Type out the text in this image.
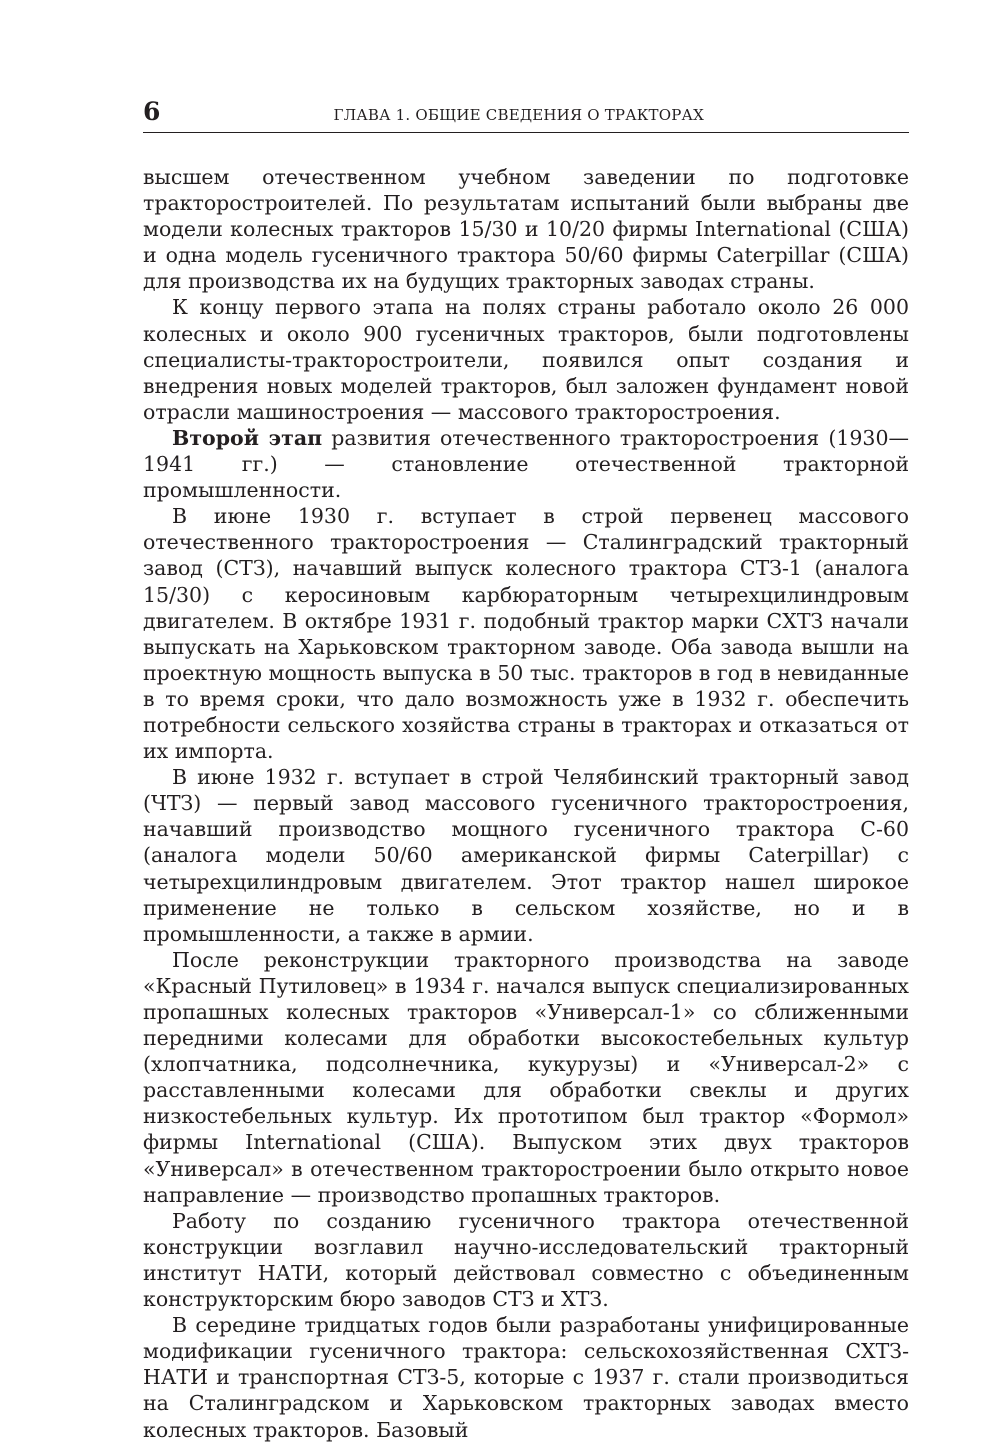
6	ГЛАВА 1. ОБЩИЕ СВЕДЕНИЯ О ТРАКТОРАХ

высшем отечественном учебном заведении по подготовке тракторостроителей. По результатам испытаний были выбраны две модели колесных тракторов 15/30 и 10/20 фирмы International (США) и одна модель гусеничного трактора 50/60 фирмы Caterpillar (США) для производства их на будущих тракторных заводах страны.

К концу первого этапа на полях страны работало около 26 000 колесных и около 900 гусеничных тракторов, были подготовлены специалисты-тракторостроители, появился опыт создания и внедрения новых моделей тракторов, был заложен фундамент новой отрасли машиностроения — массового тракторостроения.

Второй этап развития отечественного тракторостроения (1930—1941 гг.) — становление отечественной тракторной промышленности.

В июне 1930 г. вступает в строй первенец массового отечественного тракторостроения — Сталинградский тракторный завод (СТЗ), начавший выпуск колесного трактора СТЗ-1 (аналога 15/30) с керосиновым карбюраторным четырехцилиндровым двигателем. В октябре 1931 г. подобный трактор марки СХТЗ начали выпускать на Харьковском тракторном заводе. Оба завода вышли на проектную мощность выпуска в 50 тыс. тракторов в год в невиданные в то время сроки, что дало возможность уже в 1932 г. обеспечить потребности сельского хозяйства страны в тракторах и отказаться от их импорта.

В июне 1932 г. вступает в строй Челябинский тракторный завод (ЧТЗ) — первый завод массового гусеничного тракторостроения, начавший производство мощного гусеничного трактора С-60 (аналога модели 50/60 американской фирмы Caterpillar) с четырехцилиндровым двигателем. Этот трактор нашел широкое применение не только в сельском хозяйстве, но и в промышленности, а также в армии.

После реконструкции тракторного производства на заводе «Красный Путиловец» в 1934 г. начался выпуск специализированных пропашных колесных тракторов «Универсал-1» со сближенными передними колесами для обработки высокостебельных культур (хлопчатника, подсолнечника, кукурузы) и «Универсал-2» с расставленными колесами для обработки свеклы и других низкостебельных культур. Их прототипом был трактор «Формол» фирмы International (США). Выпуском этих двух тракторов «Универсал» в отечественном тракторостроении было открыто новое направление — производство пропашных тракторов.

Работу по созданию гусеничного трактора отечественной конструкции возглавил научно-исследовательский тракторный институт НАТИ, который действовал совместно с объединенным конструкторским бюро заводов СТЗ и ХТЗ.

В середине тридцатых годов были разработаны унифицированные модификации гусеничного трактора: сельскохозяйственная СХТЗ-НАТИ и транспортная СТЗ-5, которые с 1937 г. стали производиться на Сталинградском и Харьковском тракторных заводах вместо колесных тракторов. Базовый
